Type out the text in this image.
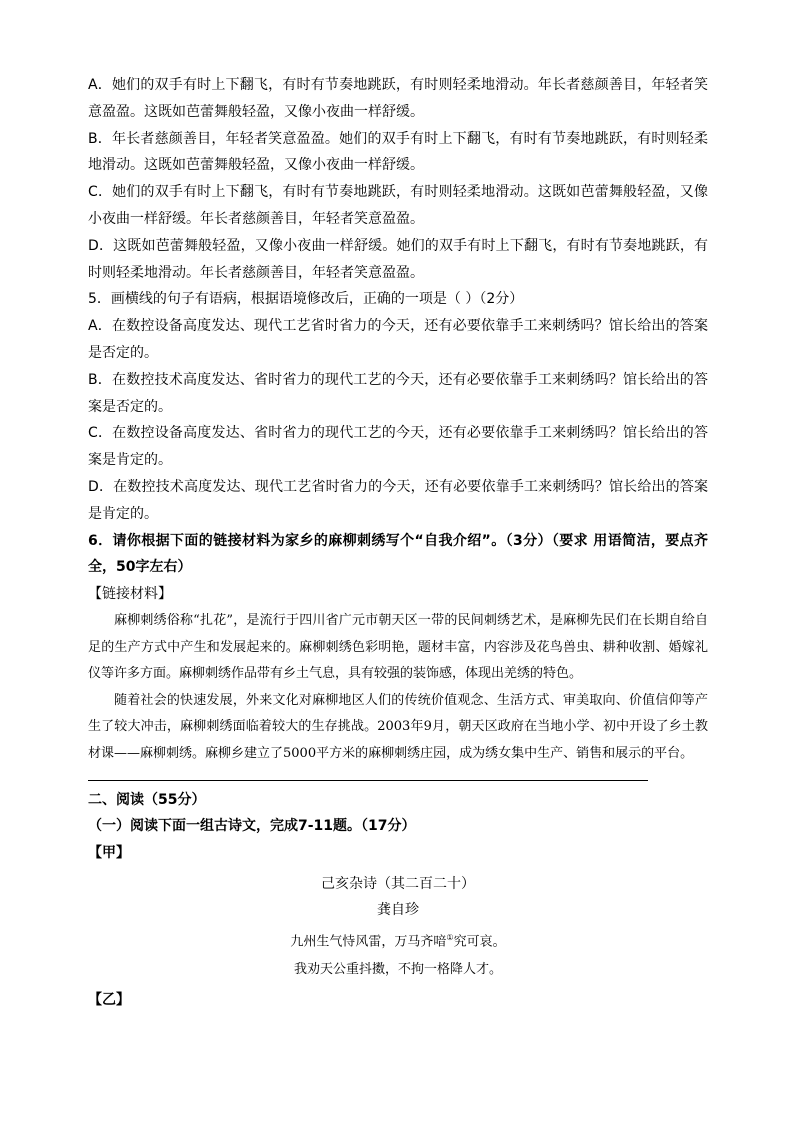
A．她们的双手有时上下翻飞，有时有节奏地跳跃，有时则轻柔地滑动。年长者慈颜善目，年轻者笑意盈盈。这既如芭蕾舞般轻盈，又像小夜曲一样舒缓。

B．年长者慈颜善目，年轻者笑意盈盈。她们的双手有时上下翻飞，有时有节奏地跳跃，有时则轻柔地滑动。这既如芭蕾舞般轻盈，又像小夜曲一样舒缓。

C．她们的双手有时上下翻飞，有时有节奏地跳跃，有时则轻柔地滑动。这既如芭蕾舞般轻盈，又像小夜曲一样舒缓。年长者慈颜善目，年轻者笑意盈盈。

D．这既如芭蕾舞般轻盈，又像小夜曲一样舒缓。她们的双手有时上下翻飞，有时有节奏地跳跃，有时则轻柔地滑动。年长者慈颜善目，年轻者笑意盈盈。

5．画横线的句子有语病，根据语境修改后，正确的一项是（ ）（2分）

A．在数控设备高度发达、现代工艺省时省力的今天，还有必要依靠手工来刺绣吗？馆长给出的答案是否定的。

B．在数控技术高度发达、省时省力的现代工艺的今天，还有必要依靠手工来刺绣吗？馆长给出的答案是否定的。

C．在数控设备高度发达、省时省力的现代工艺的今天，还有必要依靠手工来刺绣吗？馆长给出的答案是肯定的。

D．在数控技术高度发达、现代工艺省时省力的今天，还有必要依靠手工来刺绣吗？馆长给出的答案是肯定的。

6．请你根据下面的链接材料为家乡的麻柳刺绣写个“自我介绍”。（3分）（要求 用语简洁，要点齐全，50字左右）

【链接材料】

麻柳刺绣俗称“扎花”，是流行于四川省广元市朝天区一带的民间刺绣艺术，是麻柳先民们在长期自给自足的生产方式中产生和发展起来的。麻柳刺绣色彩明艳，题材丰富，内容涉及花鸟兽虫、耕种收割、婚嫁礼仪等许多方面。麻柳刺绣作品带有乡土气息，具有较强的装饰感，体现出羌绣的特色。

随着社会的快速发展，外来文化对麻柳地区人们的传统价值观念、生活方式、审美取向、价值信仰等产生了较大冲击，麻柳刺绣面临着较大的生存挑战。2003年9月，朝天区政府在当地小学、初中开设了乡土教材课——麻柳刺绣。麻柳乡建立了5000平方米的麻柳刺绣庄园，成为绣女集中生产、销售和展示的平台。

二、阅读（55分）

（一）阅读下面一组古诗文，完成7-11题。（17分）

【甲】

己亥杂诗（其二百二十）

龚自珍

九州生气恃风雷，万马齐喑①究可哀。

我劝天公重抖擞，不拘一格降人才。

【乙】
